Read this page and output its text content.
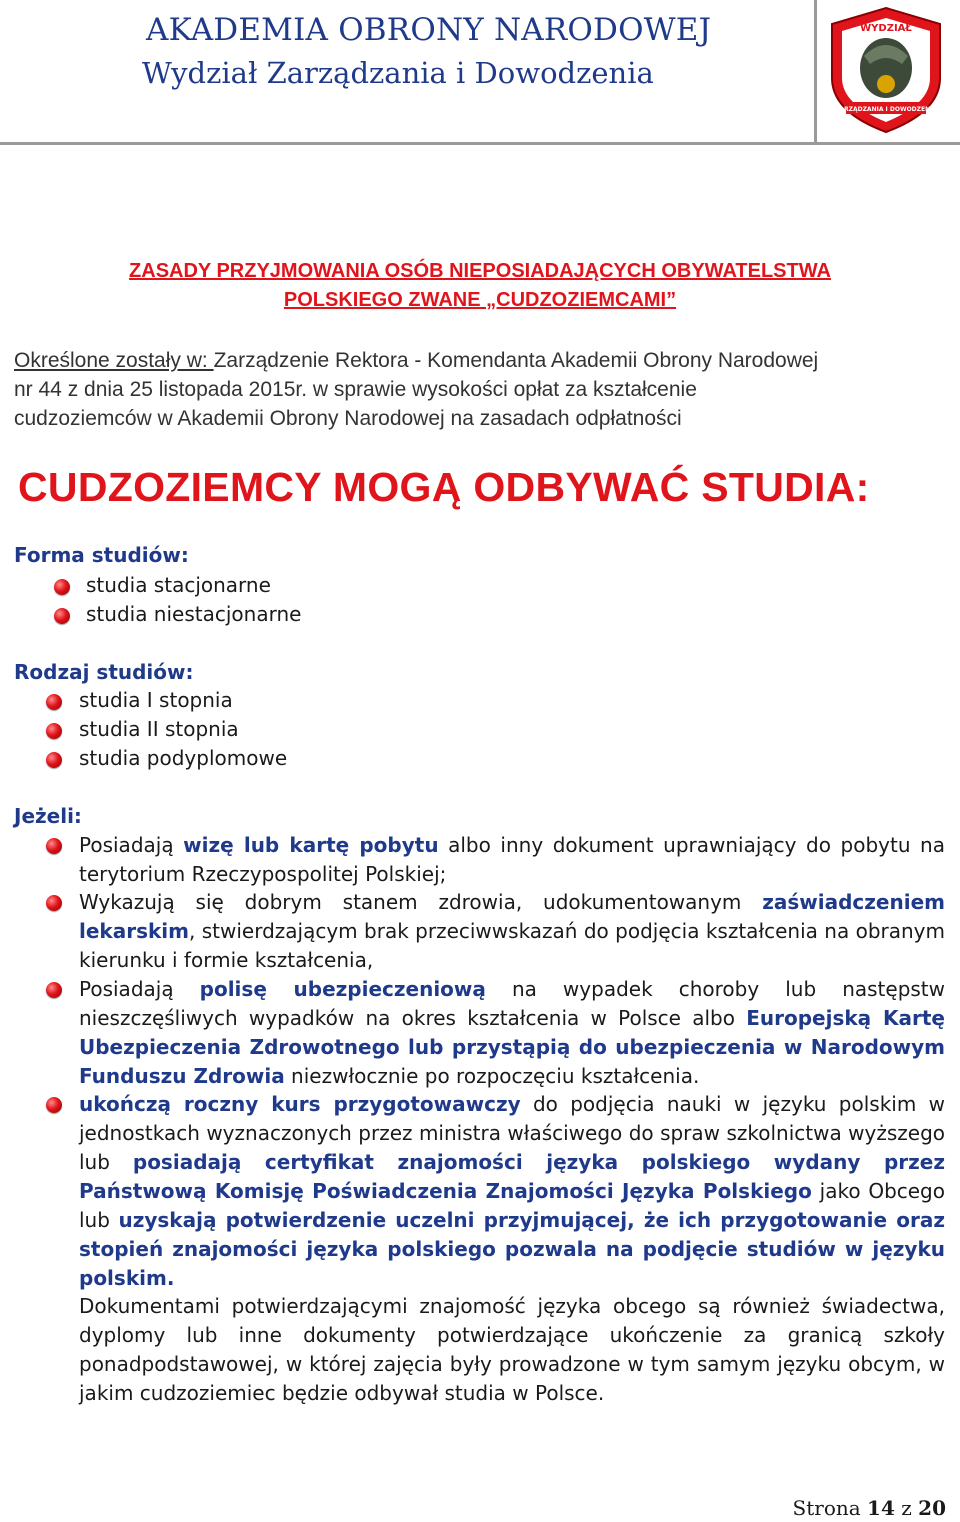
AKADEMIA OBRONY NARODOWEJ
Wydział Zarządzania i Dowodzenia
WYDZIAŁ
ZARZĄDZANIA I DOWODZENIA
ZASADY PRZYJMOWANIA OSÓB NIEPOSIADAJĄCYCH OBYWATELSTWA
POLSKIEGO ZWANE „CUDZOZIEMCAMI”
Określone zostały w: Zarządzenie Rektora - Komendanta Akademii Obrony Narodowej
nr 44 z dnia 25 listopada 2015r. w sprawie wysokości opłat za kształcenie
cudzoziemców w Akademii Obrony Narodowej na zasadach odpłatności
CUDZOZIEMCY MOGĄ ODBYWAĆ STUDIA:
Forma studiów:
studia stacjonarne
studia niestacjonarne
Rodzaj studiów:
studia I stopnia
studia II stopnia
studia podyplomowe
Jeżeli:
Posiadają wizę lub kartę pobytu albo inny dokument uprawniający do pobytu na terytorium Rzeczypospolitej Polskiej;
Wykazują się dobrym stanem zdrowia, udokumentowanym zaświadczeniem lekarskim, stwierdzającym brak przeciwwskazań do podjęcia kształcenia na obranym kierunku i formie kształcenia,
Posiadają polisę ubezpieczeniową na wypadek choroby lub następstw nieszczęśliwych wypadków na okres kształcenia w Polsce albo Europejską Kartę Ubezpieczenia Zdrowotnego lub przystąpią do ubezpieczenia w Narodowym Funduszu Zdrowia niezwłocznie po rozpoczęciu kształcenia.
ukończą roczny kurs przygotowawczy do podjęcia nauki w języku polskim w jednostkach wyznaczonych przez ministra właściwego do spraw szkolnictwa wyższego lub posiadają certyfikat znajomości języka polskiego wydany przez Państwową Komisję Poświadczenia Znajomości Języka Polskiego jako Obcego lub uzyskają potwierdzenie uczelni przyjmującej, że ich przygotowanie oraz stopień znajomości języka polskiego pozwala na podjęcie studiów w języku polskim.
Dokumentami potwierdzającymi znajomość języka obcego są również świadectwa, dyplomy lub inne dokumenty potwierdzające ukończenie za granicą szkoły ponadpodstawowej, w której zajęcia były prowadzone w tym samym języku obcym, w jakim cudzoziemiec będzie odbywał studia w Polsce.
Strona 14 z 20
